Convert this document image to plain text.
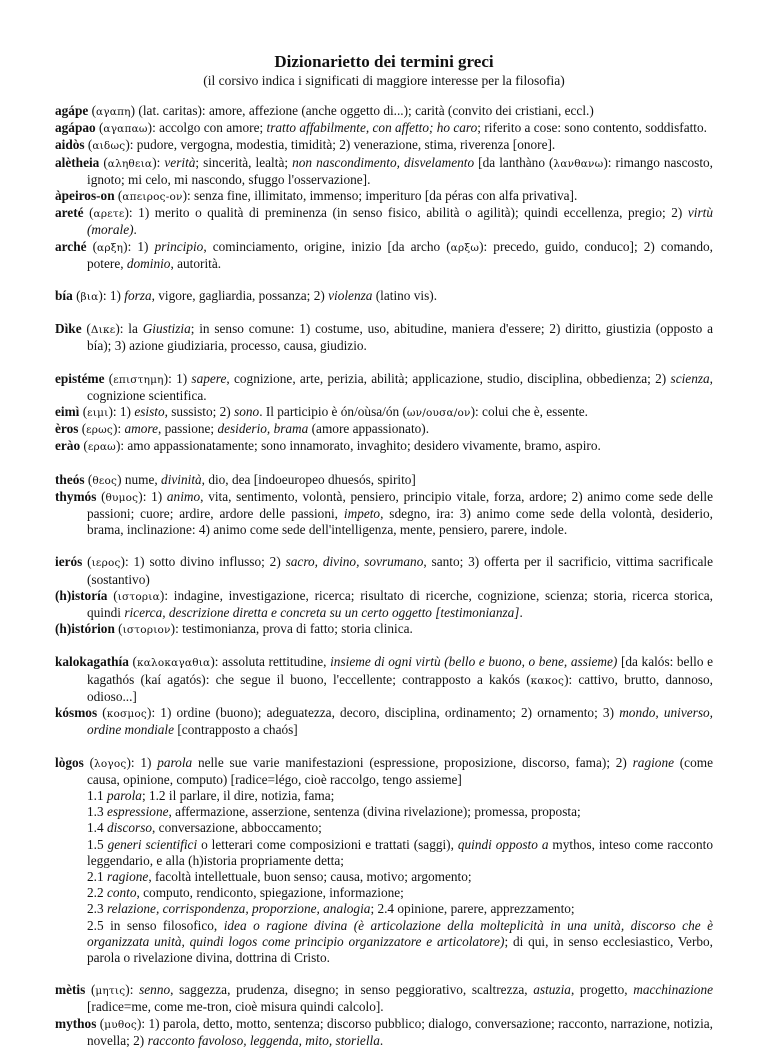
Dizionarietto dei termini greci
(il corsivo indica i significati di maggiore interesse per la filosofia)

agápe (αγαπη) (lat. caritas): amore, affezione (anche oggetto di...); carità (convito dei cristiani, eccl.)

agápao (αγαπαω): accolgo con amore; tratto affabilmente, con affetto; ho caro; riferito a cose: sono contento, soddisfatto.

aidòs (αιδως): pudore, vergogna, modestia, timidità; 2) venerazione, stima, riverenza [onore].

alètheia (αληθεια): verità; sincerità, lealtà; non nascondimento, disvelamento [da lanthàno (λανθανω): rimango nascosto, ignoto; mi celo, mi nascondo, sfuggo l'osservazione].

àpeiros-on (απειρος-ον): senza fine, illimitato, immenso; imperituro [da péras con alfa privativa].

areté (αρετε): 1) merito o qualità di preminenza (in senso fisico, abilità o agilità); quindi eccellenza, pregio; 2) virtù (morale).

arché (αρξη): 1) principio, cominciamento, origine, inizio [da archo (αρξω): precedo, guido, conduco]; 2) comando, potere, dominio, autorità.

bía (βια): 1) forza, vigore, gagliardia, possanza; 2) violenza (latino vis).

Dìke (Δικε): la Giustizia; in senso comune: 1) costume, uso, abitudine, maniera d'essere; 2) diritto, giustizia (opposto a bía); 3) azione giudiziaria, processo, causa, giudizio.

epistéme (επιστημη): 1) sapere, cognizione, arte, perizia, abilità; applicazione, studio, disciplina, obbedienza; 2) scienza, cognizione scientifica.

eimì (ειμι): 1) esisto, sussisto; 2) sono. Il participio è ón/oùsa/ón (ων/ουσα/ον): colui che è, essente.

èros (ερως): amore, passione; desiderio, brama (amore appassionato).

erào (εραω): amo appassionatamente; sono innamorato, invaghito; desidero vivamente, bramo, aspiro.

theós (θεος) nume, divinità, dio, dea [indoeuropeo dhuesós, spirito]

thymós (θυμος): 1) animo, vita, sentimento, volontà, pensiero, principio vitale, forza, ardore; 2) animo come sede delle passioni; cuore; ardire, ardore delle passioni, impeto, sdegno, ira: 3) animo come sede della volontà, desiderio, brama, inclinazione: 4) animo come sede dell'intelligenza, mente, pensiero, parere, indole.

ierós (ιερος): 1) sotto divino influsso; 2) sacro, divino, sovrumano, santo; 3) offerta per il sacrificio, vittima sacrificale (sostantivo)

(h)istoría (ιστορια): indagine, investigazione, ricerca; risultato di ricerche, cognizione, scienza; storia, ricerca storica, quindi ricerca, descrizione diretta e concreta su un certo oggetto [testimonianza].

(h)istórion (ιστοριον): testimonianza, prova di fatto; storia clinica.

kalokagathía (καλοκαγαθια): assoluta rettitudine, insieme di ogni virtù (bello e buono, o bene, assieme) [da kalós: bello e kagathós (kaí agatós): che segue il buono, l'eccellente; contrapposto a kakós (κακος): cattivo, brutto, dannoso, odioso...]

kósmos (κοσμος): 1) ordine (buono); adeguatezza, decoro, disciplina, ordinamento; 2) ornamento; 3) mondo, universo, ordine mondiale [contrapposto a chaós]

lògos (λογος): 1) parola nelle sue varie manifestazioni (espressione, proposizione, discorso, fama); 2) ragione (come causa, opinione, computo) [radice=légo, cioè raccolgo, tengo assieme]

1.1 parola; 1.2 il parlare, il dire, notizia, fama;

1.3 espressione, affermazione, asserzione, sentenza (divina rivelazione); promessa, proposta;

1.4 discorso, conversazione, abboccamento;

1.5 generi scientifici o letterari come composizioni e trattati (saggi), quindi opposto a mythos, inteso come racconto leggendario, e alla (h)istoria propriamente detta;

2.1 ragione, facoltà intellettuale, buon senso; causa, motivo; argomento;

2.2 conto, computo, rendiconto, spiegazione, informazione;

2.3 relazione, corrispondenza, proporzione, analogia; 2.4 opinione, parere, apprezzamento;

2.5 in senso filosofico, idea o ragione divina (è articolazione della molteplicità in una unità, discorso che è organizzata unità, quindi logos come principio organizzatore e articolatore); di qui, in senso ecclesiastico, Verbo, parola o rivelazione divina, dottrina di Cristo.

mètis (μητις): senno, saggezza, prudenza, disegno; in senso peggiorativo, scaltrezza, astuzia, progetto, macchinazione [radice=me, come me-tron, cioè misura quindi calcolo].

mythos (μυθος): 1) parola, detto, motto, sentenza; discorso pubblico; dialogo, conversazione; racconto, narrazione, notizia, novella; 2) racconto favoloso, leggenda, mito, storiella.
